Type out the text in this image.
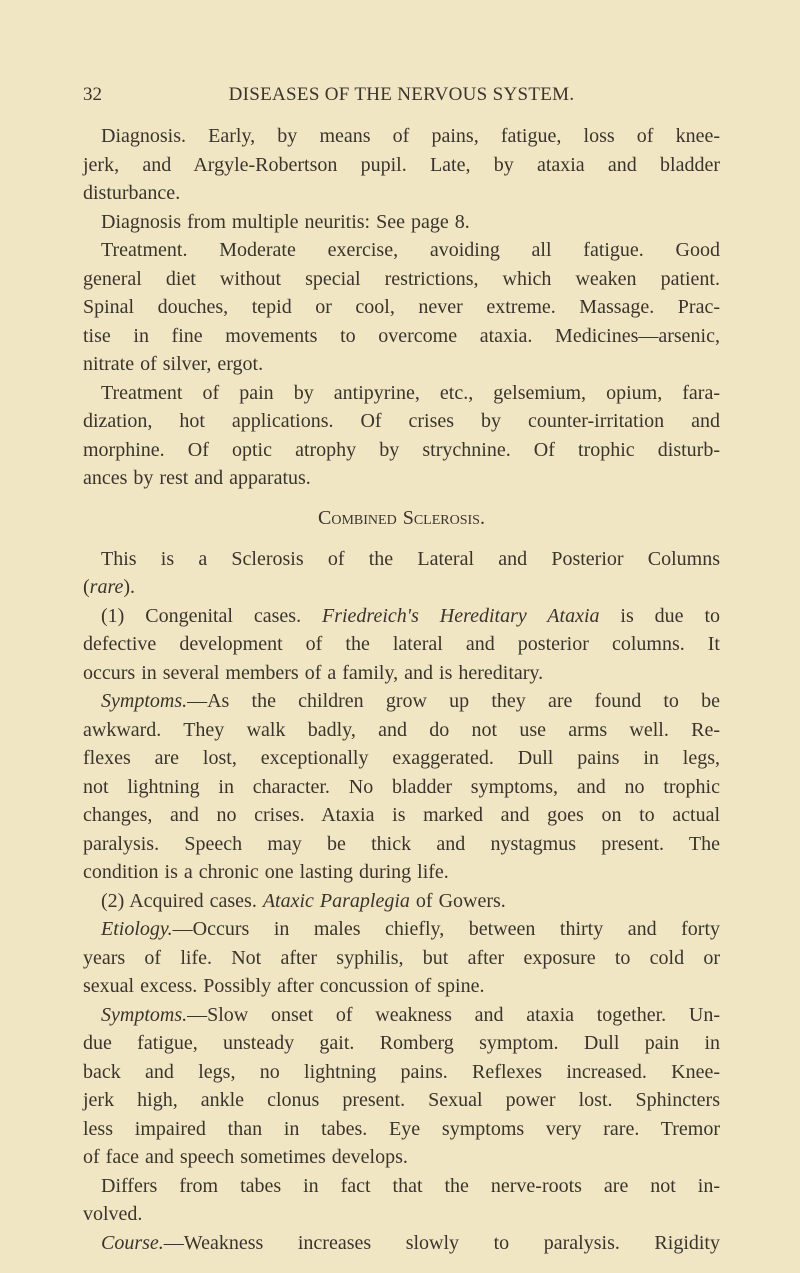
32	DISEASES OF THE NERVOUS SYSTEM.
Diagnosis. Early, by means of pains, fatigue, loss of knee-
jerk, and Argyle-Robertson pupil. Late, by ataxia and bladder
disturbance.
Diagnosis from multiple neuritis: See page 8.
Treatment. Moderate exercise, avoiding all fatigue. Good
general diet without special restrictions, which weaken patient.
Spinal douches, tepid or cool, never extreme. Massage. Prac-
tise in fine movements to overcome ataxia. Medicines—arsenic,
nitrate of silver, ergot.
Treatment of pain by antipyrine, etc., gelsemium, opium, fara-
dization, hot applications. Of crises by counter-irritation and
morphine. Of optic atrophy by strychnine. Of trophic disturb-
ances by rest and apparatus.
Combined Sclerosis.
This is a Sclerosis of the Lateral and Posterior Columns
(rare).
(1) Congenital cases. Friedreich's Hereditary Ataxia is due to
defective development of the lateral and posterior columns. It
occurs in several members of a family, and is hereditary.
Symptoms.—As the children grow up they are found to be
awkward. They walk badly, and do not use arms well. Re-
flexes are lost, exceptionally exaggerated. Dull pains in legs,
not lightning in character. No bladder symptoms, and no trophic
changes, and no crises. Ataxia is marked and goes on to actual
paralysis. Speech may be thick and nystagmus present. The
condition is a chronic one lasting during life.
(2) Acquired cases. Ataxic Paraplegia of Gowers.
Etiology.—Occurs in males chiefly, between thirty and forty
years of life. Not after syphilis, but after exposure to cold or
sexual excess. Possibly after concussion of spine.
Symptoms.—Slow onset of weakness and ataxia together. Un-
due fatigue, unsteady gait. Romberg symptom. Dull pain in
back and legs, no lightning pains. Reflexes increased. Knee-
jerk high, ankle clonus present. Sexual power lost. Sphincters
less impaired than in tabes. Eye symptoms very rare. Tremor
of face and speech sometimes develops.
Differs from tabes in fact that the nerve-roots are not in-
volved.
Course.—Weakness increases slowly to paralysis. Rigidity
